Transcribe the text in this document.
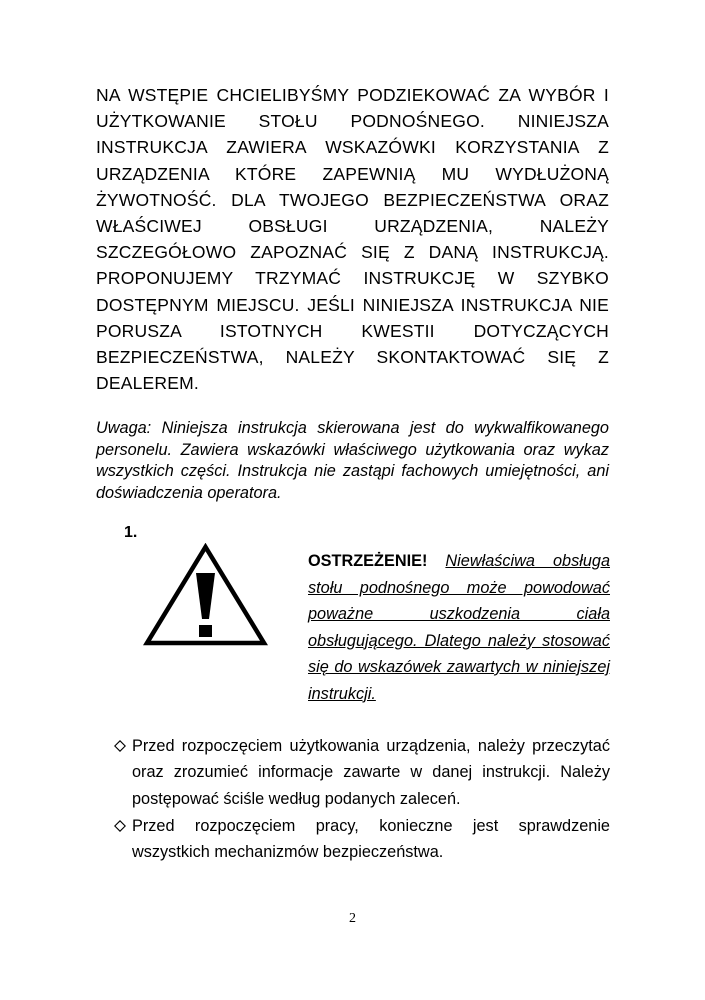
NA WSTĘPIE CHCIELIBYŚMY PODZIEKOWAĆ ZA WYBÓR I UŻYTKOWANIE STOŁU PODNOŚNEGO. NINIEJSZA INSTRUKCJA ZAWIERA WSKAZÓWKI KORZYSTANIA Z URZĄDZENIA KTÓRE ZAPEWNIĄ MU WYDŁUŻONĄ ŻYWOTNOŚĆ. DLA TWOJEGO BEZPIECZEŃSTWA ORAZ WŁAŚCIWEJ OBSŁUGI URZĄDZENIA, NALEŻY SZCZEGÓŁOWO ZAPOZNAĆ SIĘ Z DANĄ INSTRUKCJĄ. PROPONUJEMY TRZYMAĆ INSTRUKCJĘ W SZYBKO DOSTĘPNYM MIEJSCU. JEŚLI NINIEJSZA INSTRUKCJA NIE PORUSZA ISTOTNYCH KWESTII DOTYCZĄCYCH BEZPIECZEŃSTWA, NALEŻY SKONTAKTOWAĆ SIĘ Z DEALEREM.

Uwaga: Niniejsza instrukcja skierowana jest do wykwalfikowanego personelu. Zawiera wskazówki właściwego użytkowania oraz wykaz wszystkich części. Instrukcja nie zastąpi fachowych umiejętności, ani doświadczenia operatora.

1.

OSTRZEŻENIE! Niewłaściwa obsługa stołu podnośnego może powodować poważne uszkodzenia ciała obsługującego. Dlatego należy stosować się do wskazówek zawartych w niniejszej instrukcji.

Przed rozpoczęciem użytkowania urządzenia, należy przeczytać oraz zrozumieć informacje zawarte w danej instrukcji. Należy postępować ściśle według podanych zaleceń.
Przed rozpoczęciem pracy, konieczne jest sprawdzenie wszystkich mechanizmów bezpieczeństwa.
2
